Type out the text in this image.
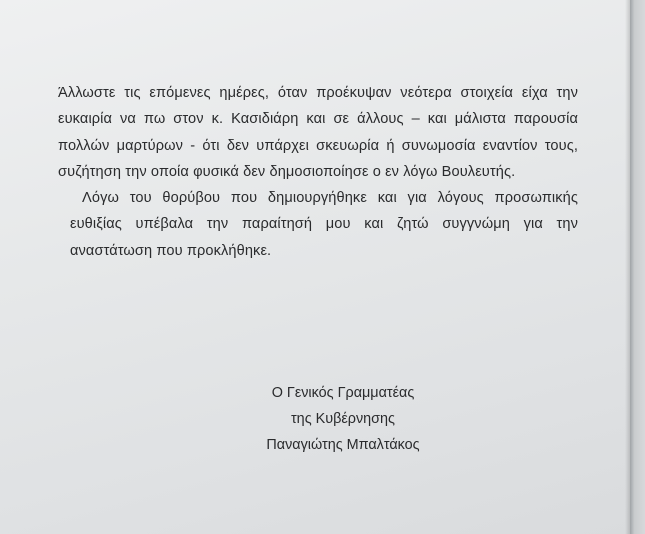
Άλλωστε τις επόμενες ημέρες, όταν προέκυψαν νεότερα στοιχεία είχα την
ευκαιρία να πω στον κ. Κασιδιάρη και σε άλλους – και μάλιστα παρουσία
πολλών μαρτύρων - ότι δεν υπάρχει σκευωρία ή συνωμοσία εναντίον τους,
συζήτηση την οποία φυσικά δεν δημοσιοποίησε ο εν λόγω Βουλευτής.
Λόγω του θορύβου που δημιουργήθηκε και για λόγους προσωπικής
ευθιξίας υπέβαλα την παραίτησή μου και ζητώ συγγνώμη για την
αναστάτωση που προκλήθηκε.
Ο Γενικός Γραμματέας
της Κυβέρνησης
Παναγιώτης Μπαλτάκος
